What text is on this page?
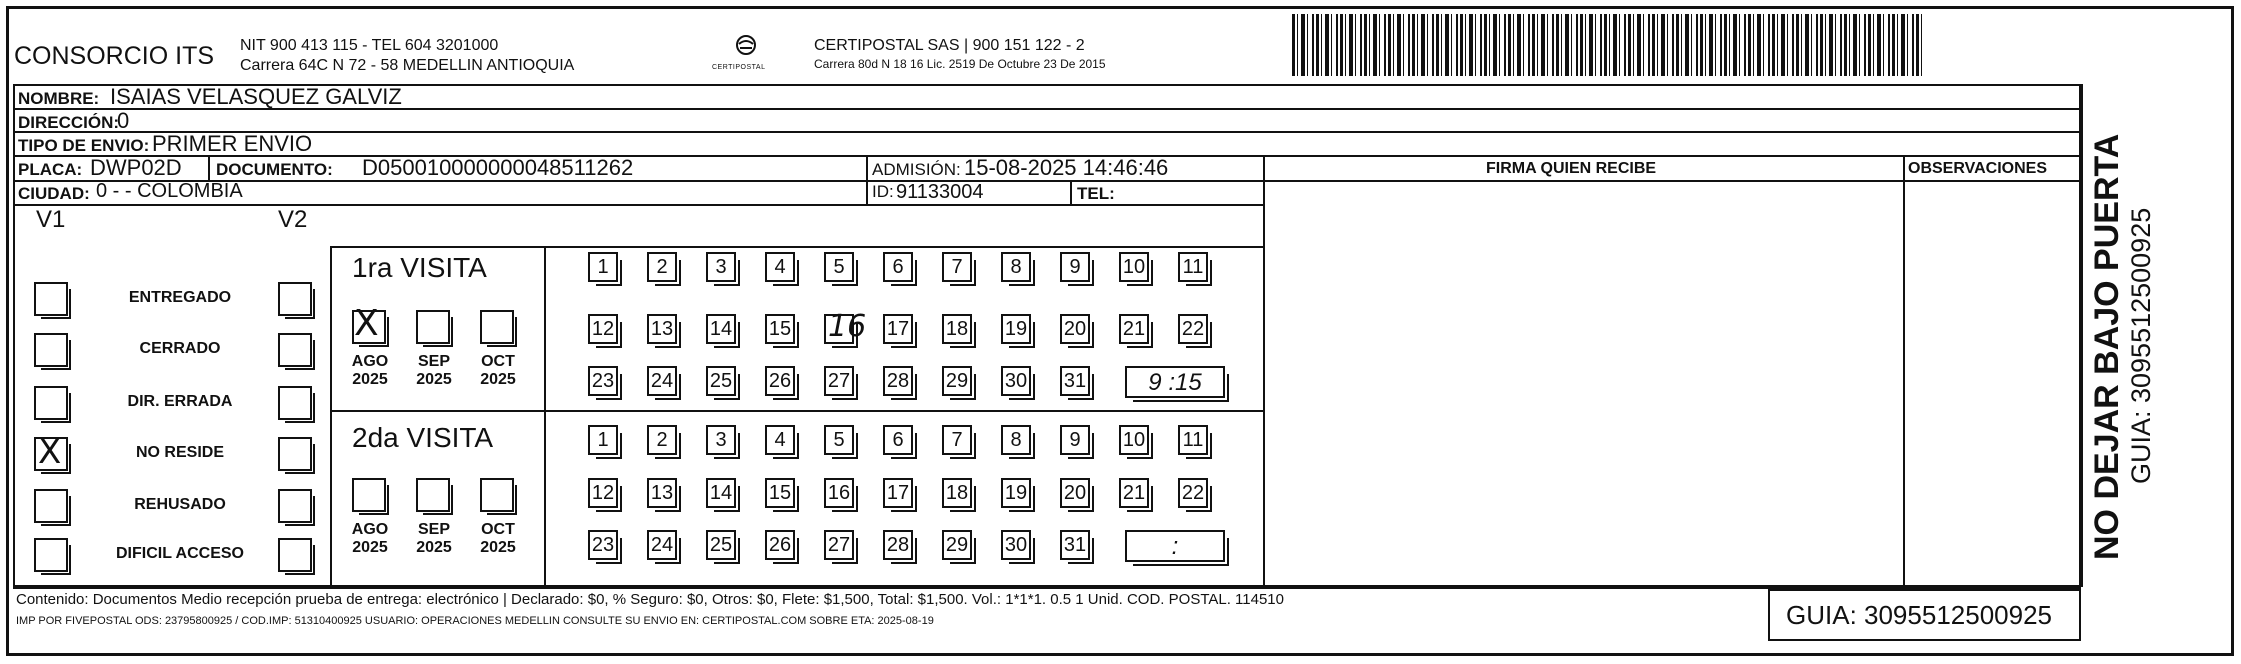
CONSORCIO ITS NIT 900 413 115 - TEL 604 3201000
Carrera 64C N 72 - 58 MEDELLIN ANTIOQUIA	CERTIPOSTAL
CERTIPOSTAL SAS | 900 151 122 - 2
Carrera 80d N 18 16 Lic. 2519 De Octubre 23 De 2015
NOMBRE: ISAIAS VELASQUEZ GALVIZ
DIRECCIÓN:
0
TIPO DE ENVIO: PRIMER ENVIO
PLACA: DWP02D DOCUMENTO: D050010000000048511262	ADMISIÓN: 15-08-2025 14:46:46
CIUDAD: 0 - - COLOMBIA	ID: 91133004	TEL:
FIRMA QUIEN RECIBE	OBSERVACIONES
V1	V2
ENTREGADO
CERRADO
DIR. ERRADA
X	NO RESIDE
REHUSADO
DIFICIL ACCESO
1ra VISITA
2da VISITA
X
AGO
2025
SEP
2025
OCT
2025
AGO
2025
SEP
2025
OCT
2025
1	2	3	4	5	6	7	8	9	10 11
12 13 14 15 16 17 18 19 20 21 22
23 24 25 26 27 28 29 30 31	9 :15
1	2	3	4	5	6	7	8	9	10 11
12 13 14 15 16 17 18 19 20 21 22
23 24 25 26 27 28 29 30 31	:
Contenido: Documentos Medio recepción prueba de entrega: electrónico | Declarado: $0, % Seguro: $0, Otros: $0, Flete: $1,500, Total: $1,500. Vol.: 1*1*1. 0.5 1 Unid. COD. POSTAL. 114510
IMP POR FIVEPOSTAL ODS: 23795800925 / COD.IMP: 51310400925 USUARIO: OPERACIONES MEDELLIN CONSULTE SU ENVIO EN: CERTIPOSTAL.COM SOBRE ETA: 2025-08-19	GUIA: 3095512500925
NO DEJAR BAJO PUERTA GUIA: 3095512500925
